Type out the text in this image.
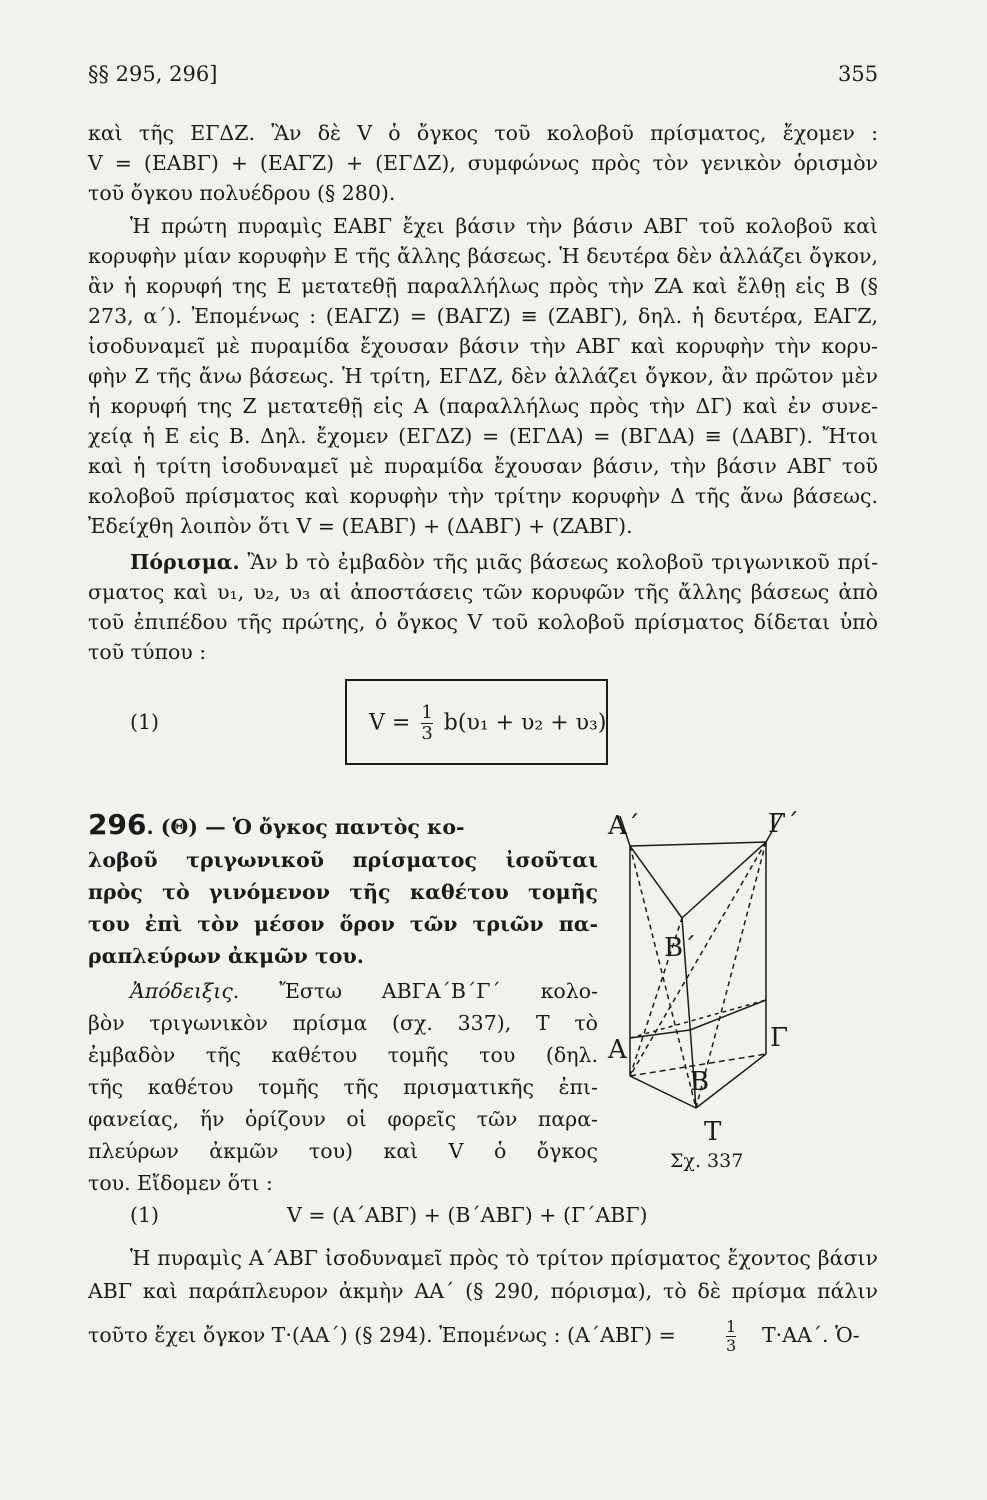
§§ 295, 296]	355
καὶ τῆς ΕΓΔΖ. Ἂν δὲ V ὁ ὄγκος τοῦ κολοβοῦ πρίσματος, ἔχομεν :
V = (ΕΑΒΓ) + (ΕΑΓΖ) + (ΕΓΔΖ), συμφώνως πρὸς τὸν γενικὸν ὁρισμὸν
τοῦ ὄγκου πολυέδρου (§ 280).
Ἡ πρώτη πυραμὶς ΕΑΒΓ ἔχει βάσιν τὴν βάσιν ΑΒΓ τοῦ κολοβοῦ καὶ
κορυφὴν μίαν κορυφὴν Ε τῆς ἄλλης βάσεως. Ἡ δευτέρα δὲν ἀλλάζει ὄγκον,
ἂν ἡ κορυφή της Ε μετατεθῇ παραλλήλως πρὸς τὴν ΖΑ καὶ ἔλθῃ εἰς Β (§
273, α΄). Ἐπομένως : (ΕΑΓΖ) = (ΒΑΓΖ) ≡ (ΖΑΒΓ), δηλ. ἡ δευτέρα, ΕΑΓΖ,
ἰσοδυναμεῖ μὲ πυραμίδα ἔχουσαν βάσιν τὴν ΑΒΓ καὶ κορυφὴν τὴν κορυ-
φὴν Ζ τῆς ἄνω βάσεως. Ἡ τρίτη, ΕΓΔΖ, δὲν ἀλλάζει ὄγκον, ἂν πρῶτον μὲν
ἡ κορυφή της Ζ μετατεθῇ εἰς Α (παραλλήλως πρὸς τὴν ΔΓ) καὶ ἐν συνε-
χείᾳ ἡ Ε εἰς Β. Δηλ. ἔχομεν (ΕΓΔΖ) = (ΕΓΔΑ) = (ΒΓΔΑ) ≡ (ΔΑΒΓ). Ἤτοι
καὶ ἡ τρίτη ἰσοδυναμεῖ μὲ πυραμίδα ἔχουσαν βάσιν, τὴν βάσιν ΑΒΓ τοῦ
κολοβοῦ πρίσματος καὶ κορυφὴν τὴν τρίτην κορυφὴν Δ τῆς ἄνω βάσεως.
Ἐδείχθη λοιπὸν ὅτι V = (ΕΑΒΓ) + (ΔΑΒΓ) + (ΖΑΒΓ).
Πόρισμα. Ἂν b τὸ ἐμβαδὸν τῆς μιᾶς βάσεως κολοβοῦ τριγωνικοῦ πρί-
σματος καὶ υ₁, υ₂, υ₃ αἱ ἀποστάσεις τῶν κορυφῶν τῆς ἄλλης βάσεως ἀπὸ
τοῦ ἐπιπέδου τῆς πρώτης, ὁ ὄγκος V τοῦ κολοβοῦ πρίσματος δίδεται ὑπὸ
τοῦ τύπου :
(1)	$V = \frac{1}{3} b(\upsilon_1 + \upsilon_2 + \upsilon_3)$
296. (Θ) — Ὁ ὄγκος παντὸς κο-
λοβοῦ τριγωνικοῦ πρίσματος ἰσοῦται
πρὸς τὸ γινόμενον τῆς καθέτου τομῆς
του ἐπὶ τὸν μέσον ὅρον τῶν τριῶν πα-
ραπλεύρων ἀκμῶν του.
Ἀπόδειξις. Ἔστω ΑΒΓΑ΄Β΄Γ΄ κολο-
βὸν τριγωνικὸν πρίσμα (σχ. 337), Τ τὸ
ἐμβαδὸν τῆς καθέτου τομῆς του (δηλ.
τῆς καθέτου τομῆς τῆς πρισματικῆς ἐπι-
φανείας, ἥν ὁρίζουν οἱ φορεῖς τῶν παρα-
πλεύρων ἀκμῶν του) καὶ V ὁ ὄγκος
του. Εἴδομεν ὅτι :
Α΄
Β΄
Γ΄
Α
Β
Γ
Τ
Σχ. 337
(1)	V = (Α΄ΑΒΓ) + (Β΄ΑΒΓ) + (Γ΄ΑΒΓ)
Ἡ πυραμὶς Α΄ΑΒΓ ἰσοδυναμεῖ πρὸς τὸ τρίτον πρίσματος ἔχοντος βάσιν
ΑΒΓ καὶ παράπλευρον ἀκμὴν ΑΑ΄ (§ 290, πόρισμα), τὸ δὲ πρίσμα πάλιν
τοῦτο ἔχει ὄγκον Τ·(ΑΑ΄) (§ 294). Ἐπομένως : (Α΄ΑΒΓ) =	$\frac{1}{3} T\cdot AA΄$. Ὁ-
